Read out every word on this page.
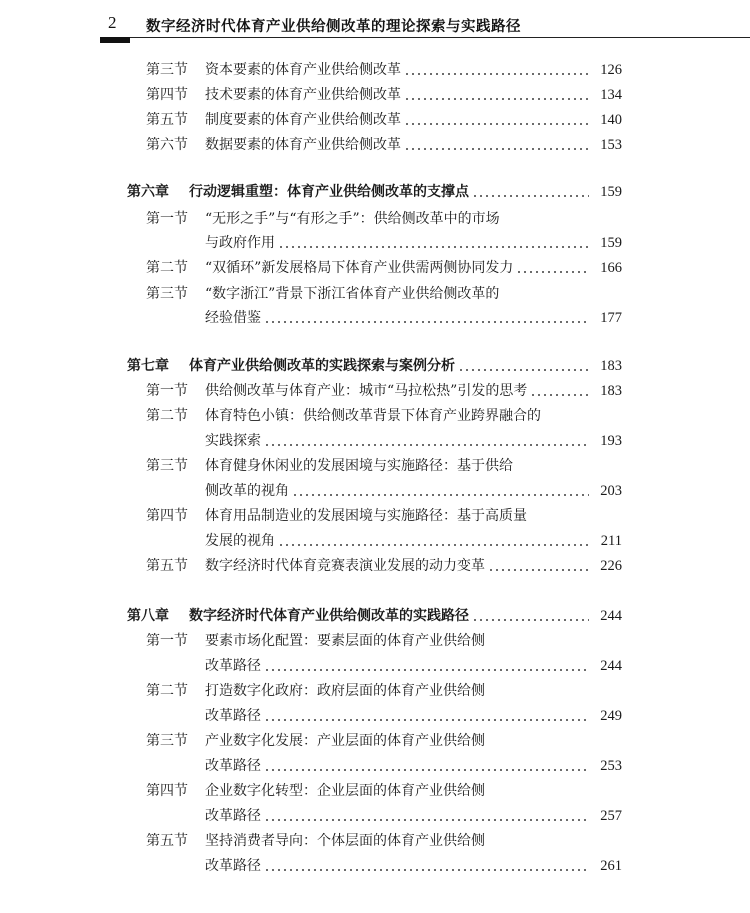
2 数字经济时代体育产业供给侧改革的理论探索与实践路径
第三节 资本要素的体育产业供给侧改革	126
第四节 技术要素的体育产业供给侧改革	134
第五节 制度要素的体育产业供给侧改革	140
第六节 数据要素的体育产业供给侧改革	153
第六章 行动逻辑重塑：体育产业供给侧改革的支撑点	159
第一节 “无形之手”与“有形之手”：供给侧改革中的市场
与政府作用	159
第二节 “双循环”新发展格局下体育产业供需两侧协同发力	166
第三节 “数字浙江”背景下浙江省体育产业供给侧改革的
经验借鉴	177
第七章 体育产业供给侧改革的实践探索与案例分析	183
第一节 供给侧改革与体育产业：城市“马拉松热”引发的思考	183
第二节 体育特色小镇：供给侧改革背景下体育产业跨界融合的
实践探索	193
第三节 体育健身休闲业的发展困境与实施路径：基于供给
侧改革的视角	203
第四节 体育用品制造业的发展困境与实施路径：基于高质量
发展的视角	211
第五节 数字经济时代体育竞赛表演业发展的动力变革	226
第八章 数字经济时代体育产业供给侧改革的实践路径	244
第一节 要素市场化配置：要素层面的体育产业供给侧
改革路径	244
第二节 打造数字化政府：政府层面的体育产业供给侧
改革路径	249
第三节 产业数字化发展：产业层面的体育产业供给侧
改革路径	253
第四节 企业数字化转型：企业层面的体育产业供给侧
改革路径	257
第五节 坚持消费者导向：个体层面的体育产业供给侧
改革路径	261
